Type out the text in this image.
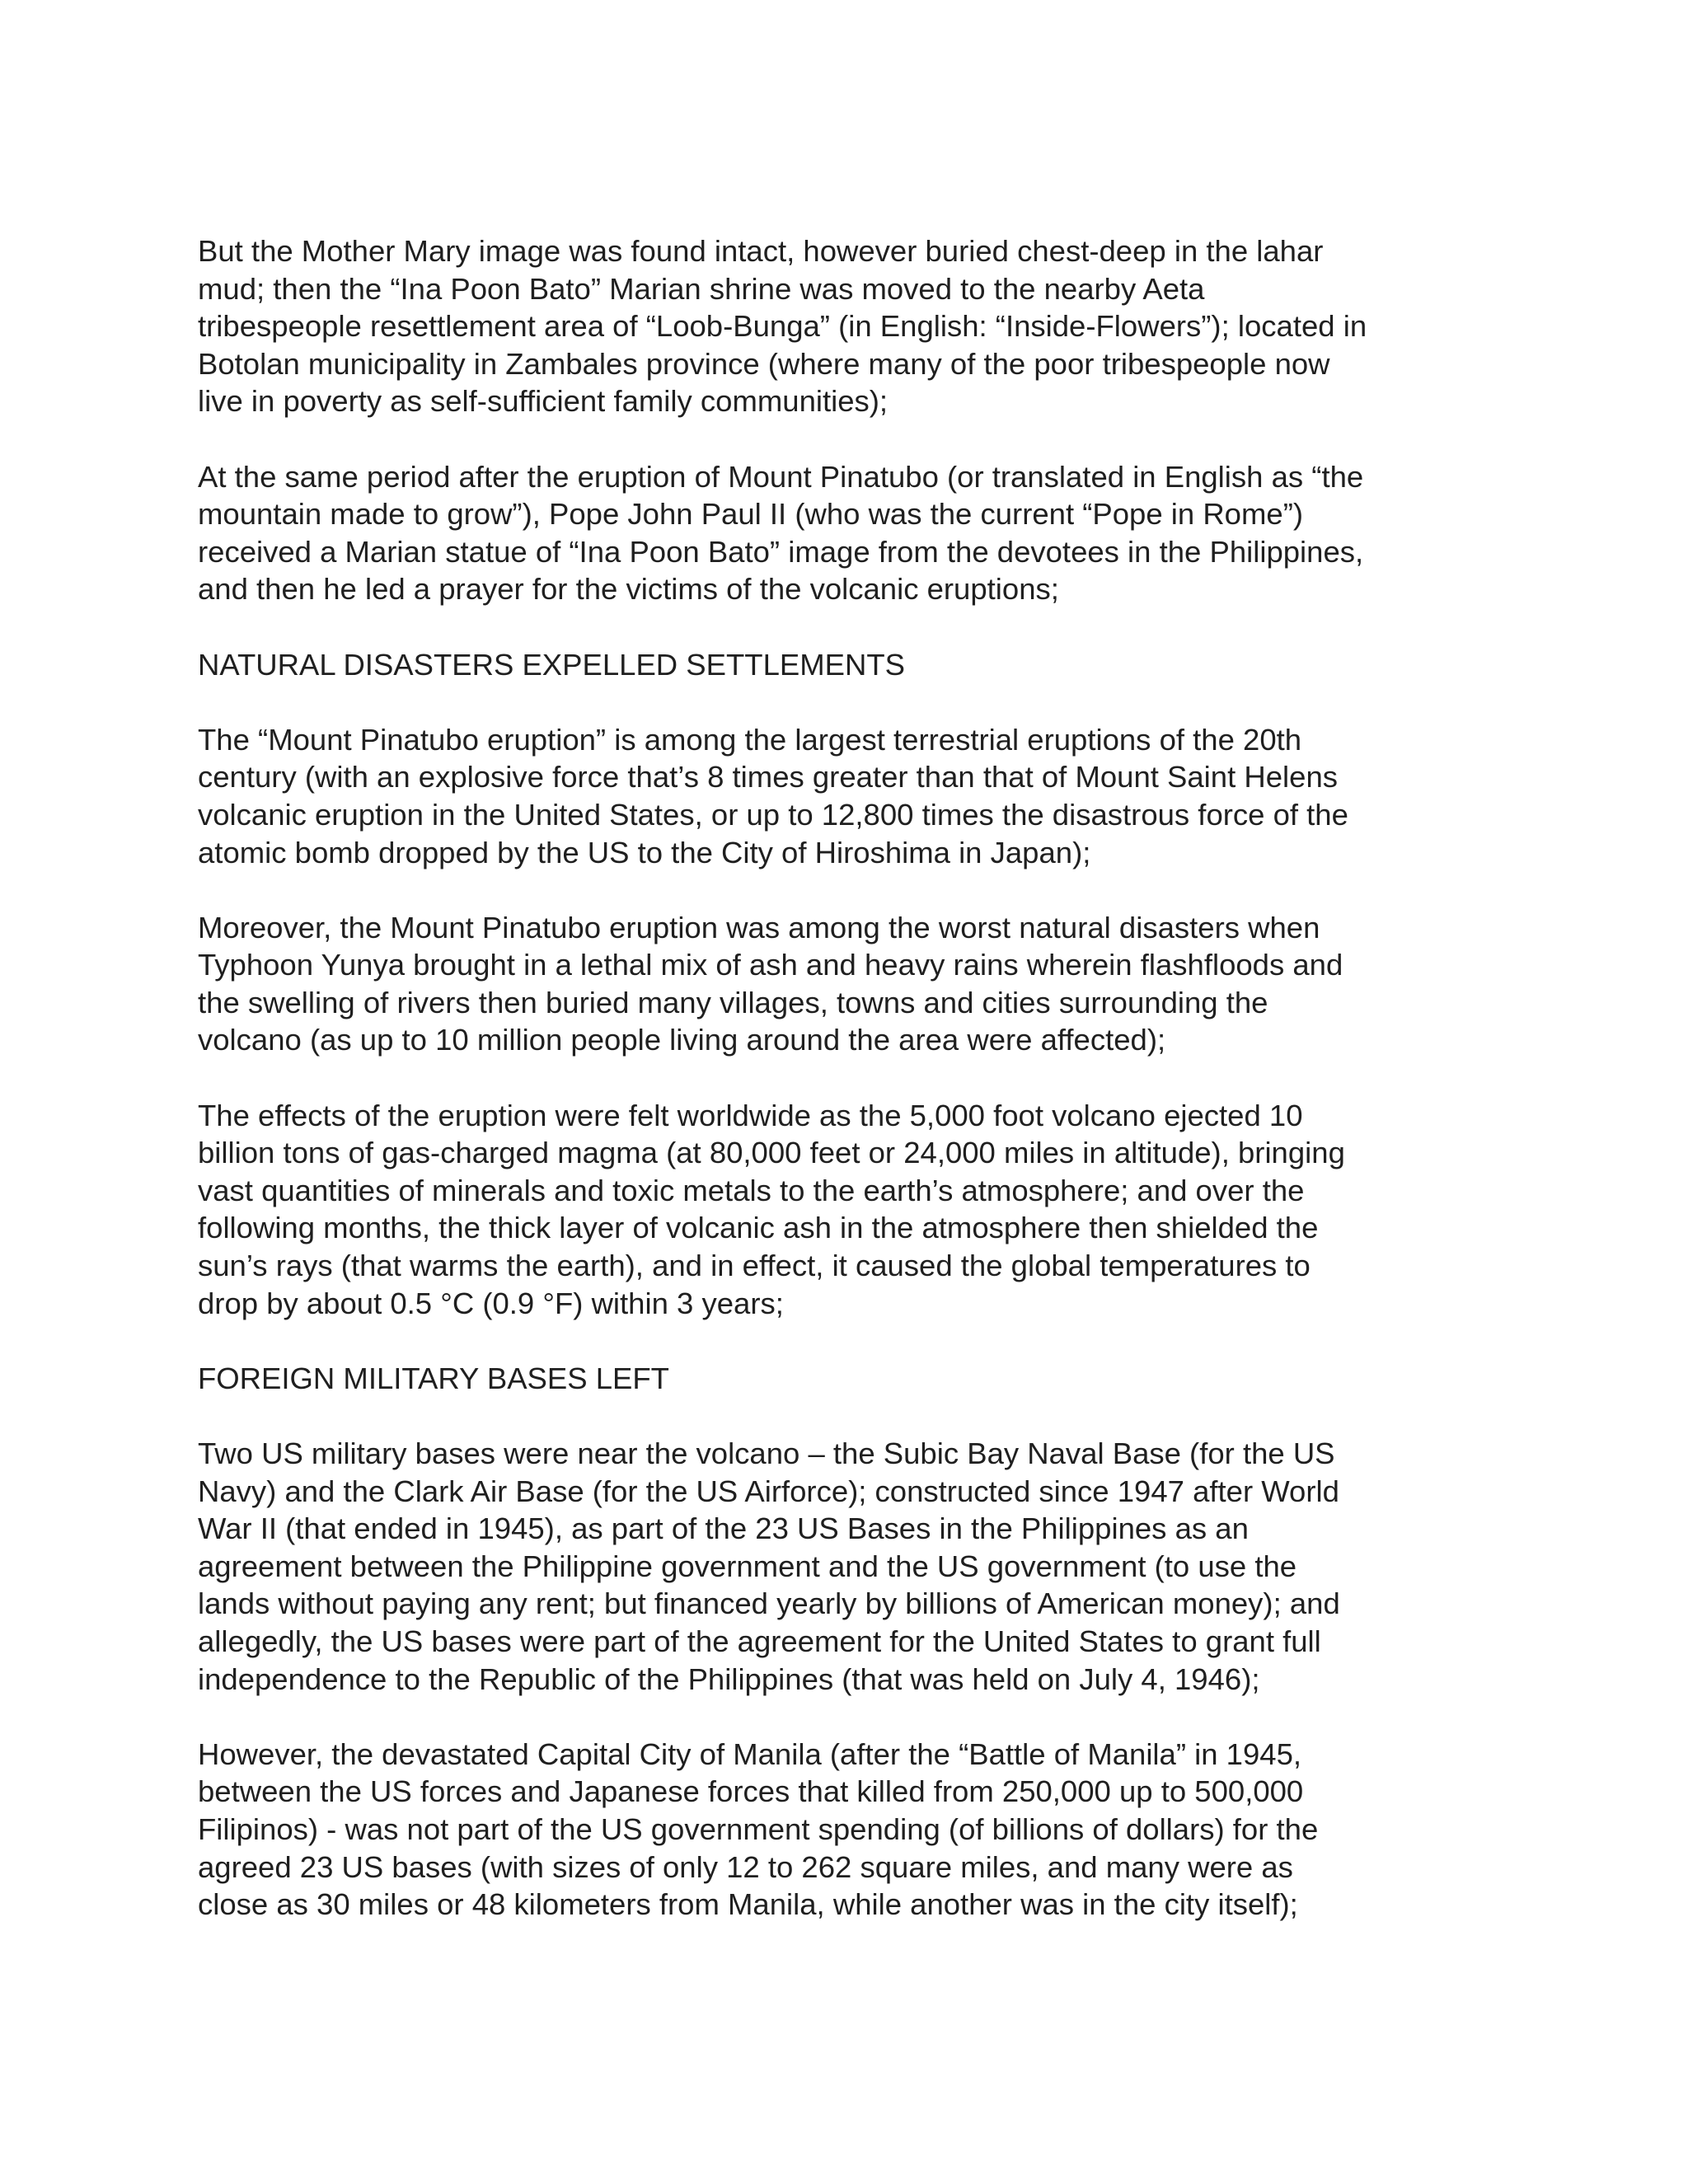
But the Mother Mary image was found intact, however buried chest-deep in the lahar
mud; then the “Ina Poon Bato” Marian shrine was moved to the nearby Aeta
tribespeople resettlement area of “Loob-Bunga” (in English: “Inside-Flowers”); located in
Botolan municipality in Zambales province (where many of the poor tribespeople now
live in poverty as self-sufficient family communities);
At the same period after the eruption of Mount Pinatubo (or translated in English as “the
mountain made to grow”), Pope John Paul II (who was the current “Pope in Rome”)
received a Marian statue of “Ina Poon Bato” image from the devotees in the Philippines,
and then he led a prayer for the victims of the volcanic eruptions;
NATURAL DISASTERS EXPELLED SETTLEMENTS
The “Mount Pinatubo eruption” is among the largest terrestrial eruptions of the 20th
century (with an explosive force that’s 8 times greater than that of Mount Saint Helens
volcanic eruption in the United States, or up to 12,800 times the disastrous force of the
atomic bomb dropped by the US to the City of Hiroshima in Japan);
Moreover, the Mount Pinatubo eruption was among the worst natural disasters when
Typhoon Yunya brought in a lethal mix of ash and heavy rains wherein flashfloods and
the swelling of rivers then buried many villages, towns and cities surrounding the
volcano (as up to 10 million people living around the area were affected);
The effects of the eruption were felt worldwide as the 5,000 foot volcano ejected 10
billion tons of gas-charged magma (at 80,000 feet or 24,000 miles in altitude), bringing
vast quantities of minerals and toxic metals to the earth’s atmosphere; and over the
following months, the thick layer of volcanic ash in the atmosphere then shielded the
sun’s rays (that warms the earth), and in effect, it caused the global temperatures to
drop by about 0.5 °C (0.9 °F) within 3 years;
FOREIGN MILITARY BASES LEFT
Two US military bases were near the volcano – the Subic Bay Naval Base (for the US
Navy) and the Clark Air Base (for the US Airforce); constructed since 1947 after World
War II (that ended in 1945), as part of the 23 US Bases in the Philippines as an
agreement between the Philippine government and the US government (to use the
lands without paying any rent; but financed yearly by billions of American money); and
allegedly, the US bases were part of the agreement for the United States to grant full
independence to the Republic of the Philippines (that was held on July 4, 1946);
However, the devastated Capital City of Manila (after the “Battle of Manila” in 1945,
between the US forces and Japanese forces that killed from 250,000 up to 500,000
Filipinos) - was not part of the US government spending (of billions of dollars) for the
agreed 23 US bases (with sizes of only 12 to 262 square miles, and many were as
close as 30 miles or 48 kilometers from Manila, while another was in the city itself);
